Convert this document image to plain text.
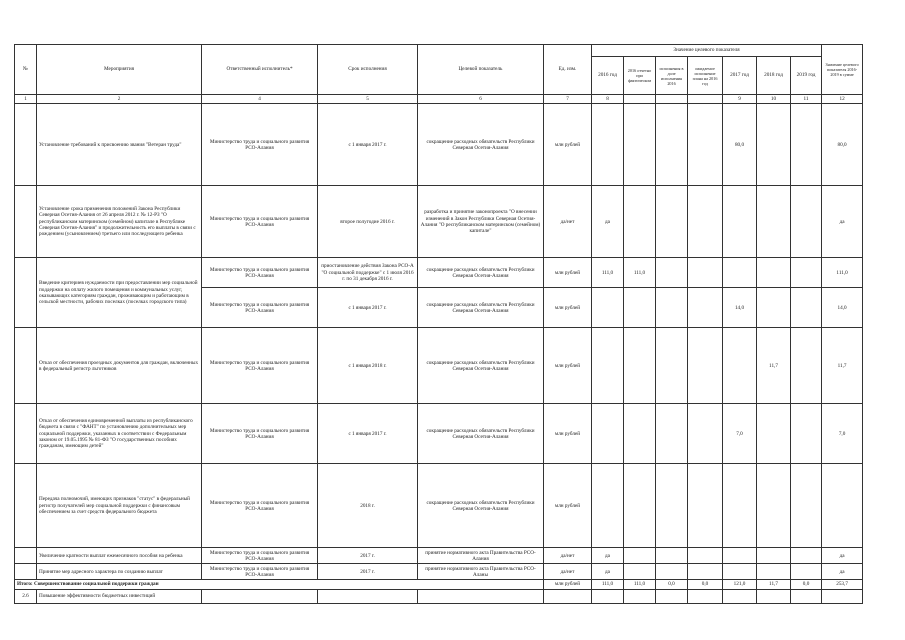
№	Мероприятия	Ответственный исполнитель*	Срок исполнения	Целевой показатель	Ед. изм.	Значение целевого показателя							Значение целевого показателя 2016-2019 в сумме
						2016 год	2016 отчетно при фактическом	исполнения в доле исполнения 2016	ожидаемое исполнение плана на 2016 год	2017 год	2018 год	2019 год	
1	2	4	5	6	7	8				9	10	11	12
	Установление требований к присвоению звания "Ветеран труда"	Министерство труда и социального развития РСО-Алания	с 1 января 2017 г.	сокращение расходных обязательств Республики Северная Осетия-Алания	млн рублей					80,0			80,0
	Установление срока применения положений Закона Республики Северная Осетия-Алания от 26 апреля 2012 г. № 12-РЗ "О республиканском материнском (семейном) капитале в Республике Северная Осетия-Алания" и продолжительность его выплаты в связи с рождением (усыновлением) третьего или последующего ребенка	Министерство труда и социального развития РСО-Алания	второе полугодие 2016 г.	разработка и принятие законопроекта "О внесении изменений в Закон Республики Северная Осетия-Алания "О республиканском материнском (семейном) капитале"	да/нет	да							да
	Введение критериев нуждаемости при предоставлении мер социальной поддержки на оплату жилого помещения и коммунальных услуг, оказывающих категориям граждан, проживающим и работающим в сельской местности, рабочих поселках (поселках городского типа)	Министерство труда и социального развития РСО-Алания	приостановление действия Закона РСО-А "О социальной поддержке" с 1 июля 2016 г. по 31 декабря 2016 г.	сокращение расходных обязательств Республики Северная Осетия-Алания	млн рублей	111,0	111,0						111,0
		Министерство труда и социального развития РСО-Алания	с 1 января 2017 г.	сокращение расходных обязательств Республики Северная Осетия-Алания	млн рублей					14,0			14,0
	Отказ от обеспечения проездных документов для граждан, включенных в федеральный регистр льготников	Министерство труда и социального развития РСО-Алания	с 1 января 2018 г.	сокращение расходных обязательств Республики Северная Осетия-Алания	млн рублей						11,7		11,7
	Отказ от обеспечения единовременной выплаты из республиканского бюджета в связи с "ФАНТ" по установлению дополнительных мер социальной поддержки, указанных в соответствии с Федеральным законом от 19.05.1995 № 81-ФЗ "О государственных пособиях гражданам, имеющим детей"	Министерство труда и социального развития РСО-Алания	с 1 января 2017 г.	сокращение расходных обязательств Республики Северная Осетия-Алания	млн рублей					7,0			7,0
	Передача полномочий, имеющих признаков "статус" в федеральный регистр получателей мер социальной поддержки с финансовым обеспечением за счет средств федерального бюджета	Министерство труда и социального развития РСО-Алания	2018 г.	сокращение расходных обязательств Республики Северная Осетия-Алания	млн рублей								
	Увеличение кратности выплат ежемесячного пособия на ребенка	Министерство труда и социального развития РСО-Алания	2017 г.	принятие нормативного акта Правительства РСО-Алания	да/нет	да							да
	Принятие мер адресного характера по созданию выплат	Министерство труда и социального развития РСО-Алания	2017 г.	принятие нормативного акта Правительства РСО-Аланы	да/нет	да							да
Итого: Совершенствование социальной поддержки граждан					млн рублей	111,0	111,0	0,0	0,0	121,0	11,7	0,0	253,7
2.6	Повышение эффективности бюджетных инвестиций												
